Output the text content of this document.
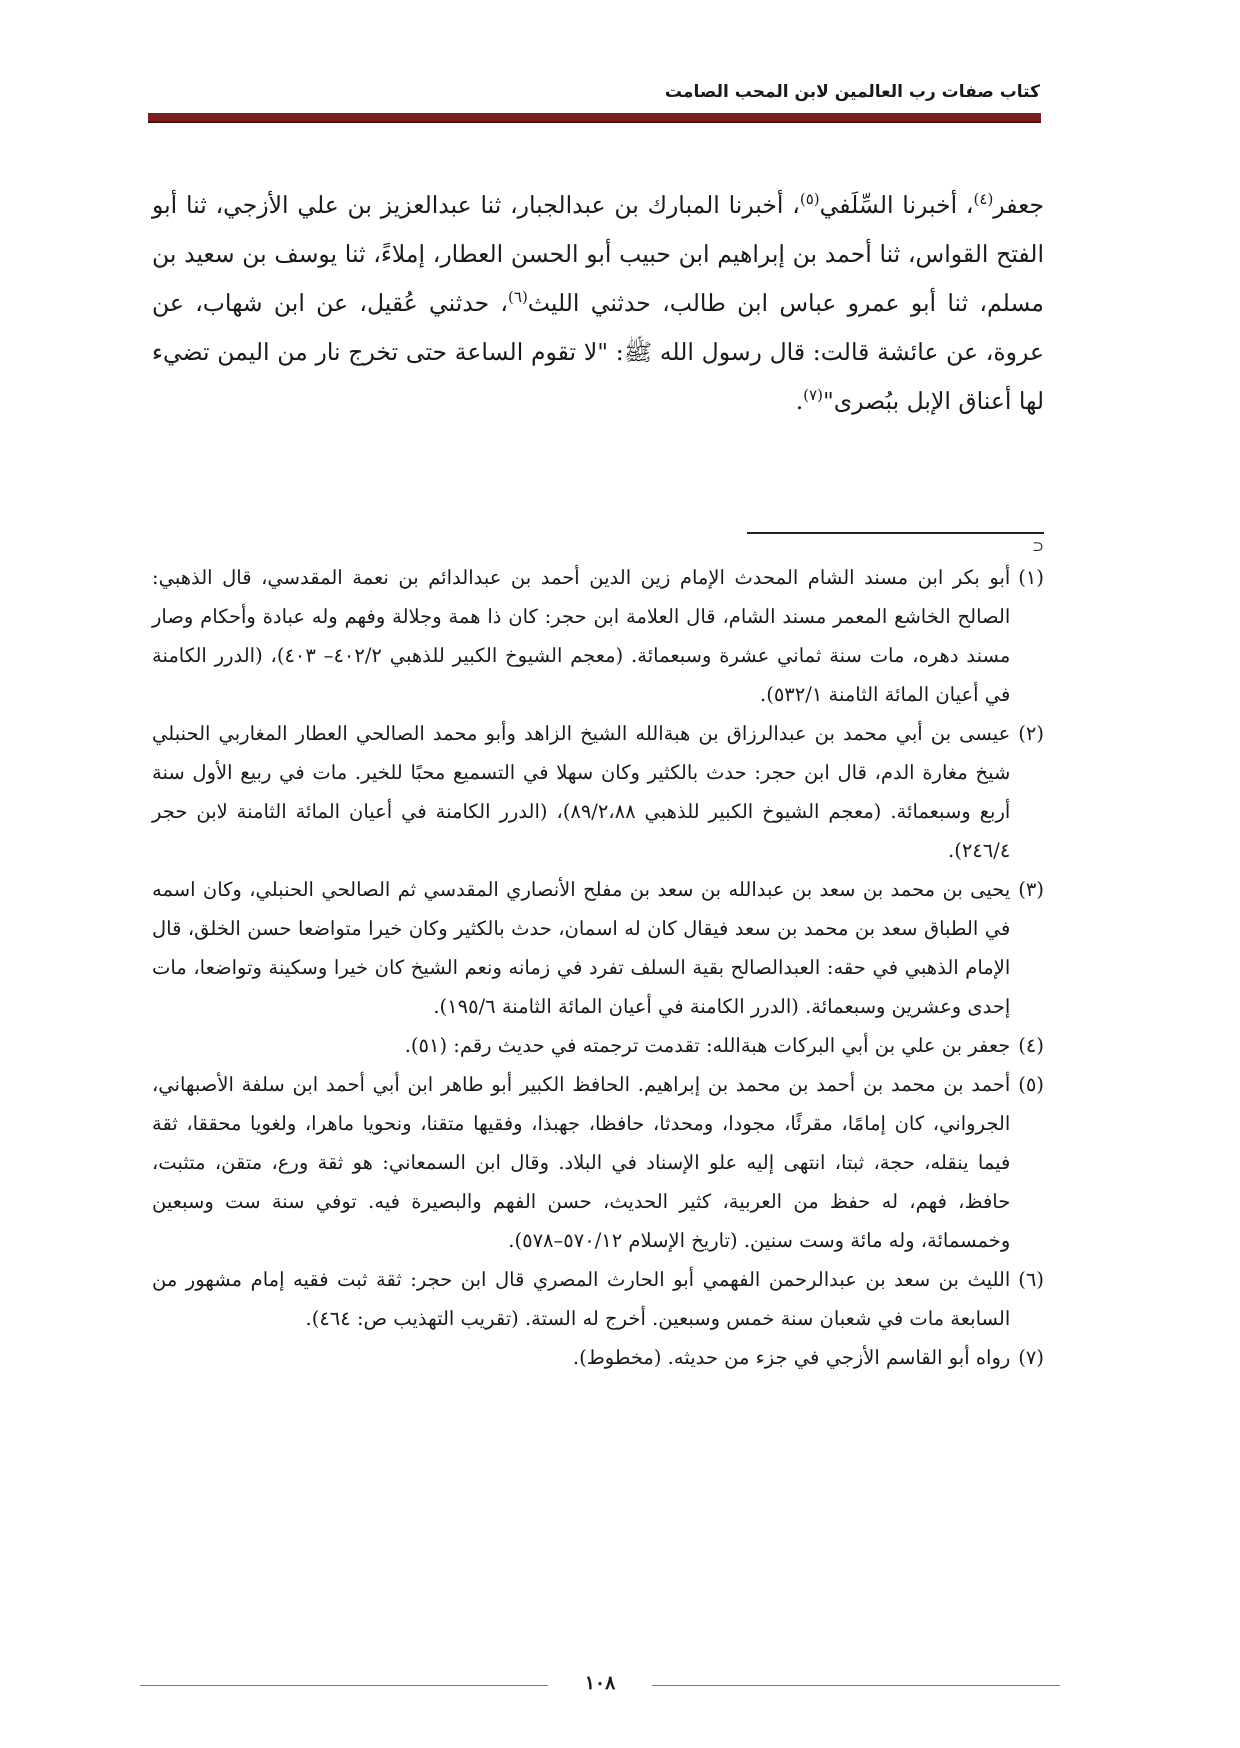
كتاب صفات رب العالمين لابن المحب الصامت

جعفر$^{(٤)}$، أخبرنا السِّلَفي$^{(٥)}$، أخبرنا المبارك بن عبدالجبار، ثنا عبدالعزيز بن علي الأزجي، ثنا أبو الفتح القواس، ثنا أحمد بن إبراهيم ابن حبيب أبو الحسن العطار، إملاءً، ثنا يوسف بن سعيد بن مسلم، ثنا أبو عمرو عباس ابن طالب، حدثني الليث$^{(٦)}$، حدثني عُقيل، عن ابن شهاب، عن عروة، عن عائشة قالت: قال رسول الله ﷺ: "لا تقوم الساعة حتى تخرج نار من اليمن تضيء لها أعناق الإبل ببُصرى"$^{(٧)}$.

⊃
(١)
أبو بكر ابن مسند الشام المحدث الإمام زين الدين أحمد بن عبدالدائم بن نعمة المقدسي، قال الذهبي: الصالح الخاشع المعمر مسند الشام، قال العلامة ابن حجر: كان ذا همة وجلالة وفهم وله عبادة وأحكام وصار مسند دهره، مات سنة ثماني عشرة وسبعمائة. (معجم الشيوخ الكبير للذهبي ٤٠٢/٢– ٤٠٣)، (الدرر الكامنة في أعيان المائة الثامنة ٥٣٢/١).
(٢)
عيسى بن أبي محمد بن عبدالرزاق بن هبةالله الشيخ الزاهد وأبو محمد الصالحي العطار المغاربي الحنبلي شيخ مغارة الدم، قال ابن حجر: حدث بالكثير وكان سهلا في التسميع محبًا للخير. مات في ربيع الأول سنة أربع وسبعمائة. (معجم الشيوخ الكبير للذهبي ٨٩/٢،٨٨)، (الدرر الكامنة في أعيان المائة الثامنة لابن حجر ٢٤٦/٤).
(٣)
يحيى بن محمد بن سعد بن عبدالله بن سعد بن مفلح الأنصاري المقدسي ثم الصالحي الحنبلي، وكان اسمه في الطباق سعد بن محمد بن سعد فيقال كان له اسمان، حدث بالكثير وكان خيرا متواضعا حسن الخلق، قال الإمام الذهبي في حقه: العبدالصالح بقية السلف تفرد في زمانه ونعم الشيخ كان خيرا وسكينة وتواضعا، مات إحدى وعشرين وسبعمائة. (الدرر الكامنة في أعيان المائة الثامنة ١٩٥/٦).
(٤)
جعفر بن علي بن أبي البركات هبةالله: تقدمت ترجمته في حديث رقم: (٥١).
(٥)
أحمد بن محمد بن أحمد بن محمد بن إبراهيم. الحافظ الكبير أبو طاهر ابن أبي أحمد ابن سلفة الأصبهاني، الجرواني، كان إمامًا، مقرئًا، مجودا، ومحدثا، حافظا، جهبذا، وفقيها متقنا، ونحويا ماهرا، ولغويا محققا، ثقة فيما ينقله، حجة، ثبتا، انتهى إليه علو الإسناد في البلاد. وقال ابن السمعاني: هو ثقة ورع، متقن، متثبت، حافظ، فهم، له حفظ من العربية، كثير الحديث، حسن الفهم والبصيرة فيه. توفي سنة ست وسبعين وخمسمائة، وله مائة وست سنين. (تاريخ الإسلام ٥٧٠/١٢–٥٧٨).
(٦)
الليث بن سعد بن عبدالرحمن الفهمي أبو الحارث المصري قال ابن حجر: ثقة ثبت فقيه إمام مشهور من السابعة مات في شعبان سنة خمس وسبعين. أخرج له الستة. (تقريب التهذيب ص: ٤٦٤).
(٧)
رواه أبو القاسم الأزجي في جزء من حديثه. (مخطوط).
١٠٨
